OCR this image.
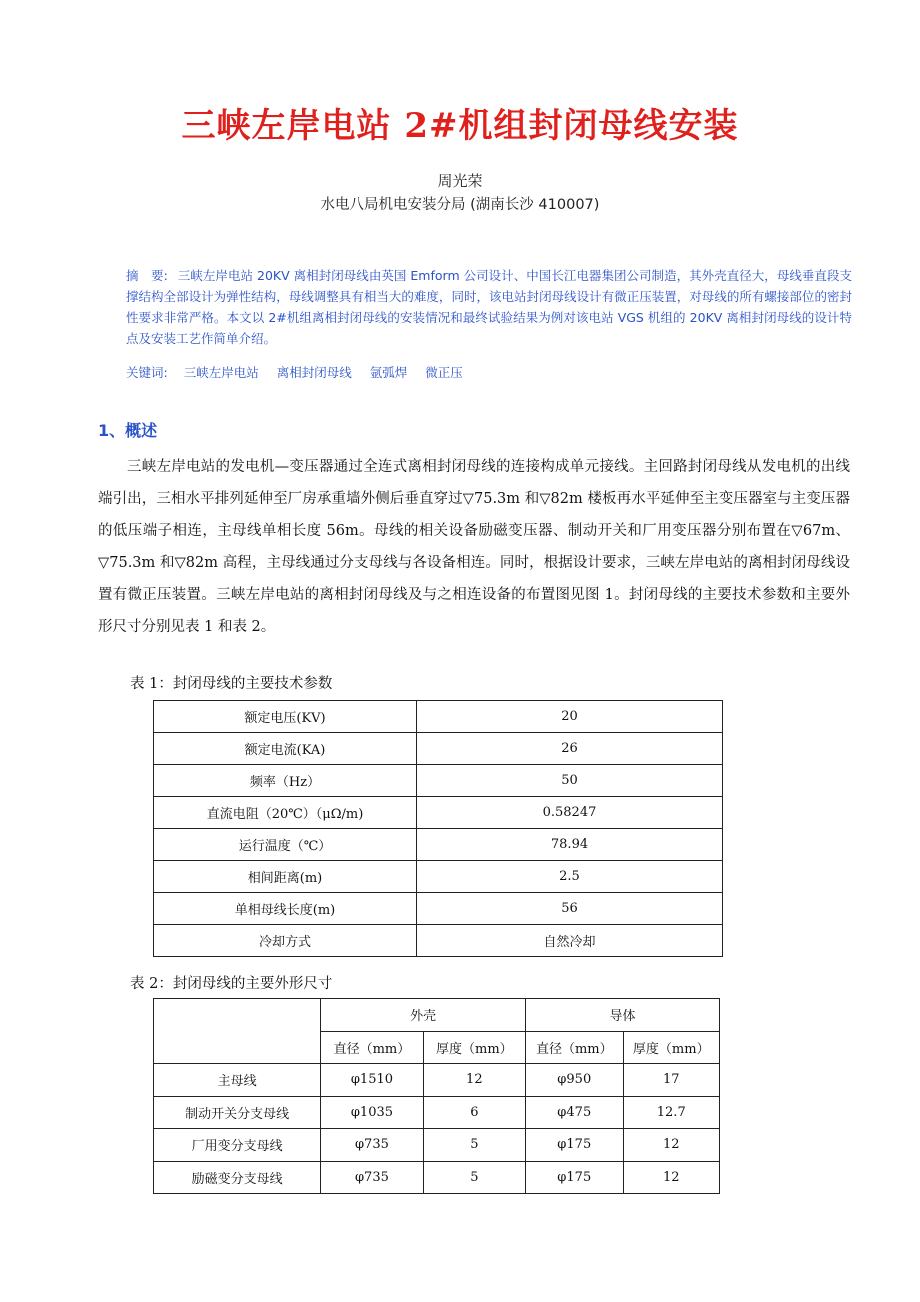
三峡左岸电站 2#机组封闭母线安装
周光荣
水电八局机电安装分局 (湖南长沙 410007)
摘　要: 三峡左岸电站 20KV 离相封闭母线由英国 Emform 公司设计、中国长江电器集团公司制造，其外壳直径大，母线垂直段支撑结构全部设计为弹性结构，母线调整具有相当大的难度，同时，该电站封闭母线设计有微正压装置，对母线的所有螺接部位的密封性要求非常严格。本文以 2#机组离相封闭母线的安装情况和最终试验结果为例对该电站 VGS 机组的 20KV 离相封闭母线的设计特点及安装工艺作简单介绍。
关键词: 三峡左岸电站 离相封闭母线 氩弧焊 微正压
1、概述
三峡左岸电站的发电机—变压器通过全连式离相封闭母线的连接构成单元接线。主回路封闭母线从发电机的出线端引出，三相水平排列延伸至厂房承重墙外侧后垂直穿过▽75.3m 和▽82m 楼板再水平延伸至主变压器室与主变压器的低压端子相连，主母线单相长度 56m。母线的相关设备励磁变压器、制动开关和厂用变压器分别布置在▽67m、▽75.3m 和▽82m 高程，主母线通过分支母线与各设备相连。同时，根据设计要求，三峡左岸电站的离相封闭母线设置有微正压装置。三峡左岸电站的离相封闭母线及与之相连设备的布置图见图 1。封闭母线的主要技术参数和主要外形尺寸分别见表 1 和表 2。
表 1：封闭母线的主要技术参数
额定电压(KV)	20
额定电流(KA)	26
频率（Hz）	50
直流电阻（20℃）（μΩ/m)	0.58247
运行温度（℃）	78.94
相间距离(m)	2.5
单相母线长度(m)	56
冷却方式	自然冷却
表 2：封闭母线的主要外形尺寸
	外壳		导体	
	直径（mm）	厚度（mm）	直径（mm）	厚度（mm）
主母线	φ1510	12	φ950	17
制动开关分支母线	φ1035	6	φ475	12.7
厂用变分支母线	φ735	5	φ175	12
励磁变分支母线	φ735	5	φ175	12
